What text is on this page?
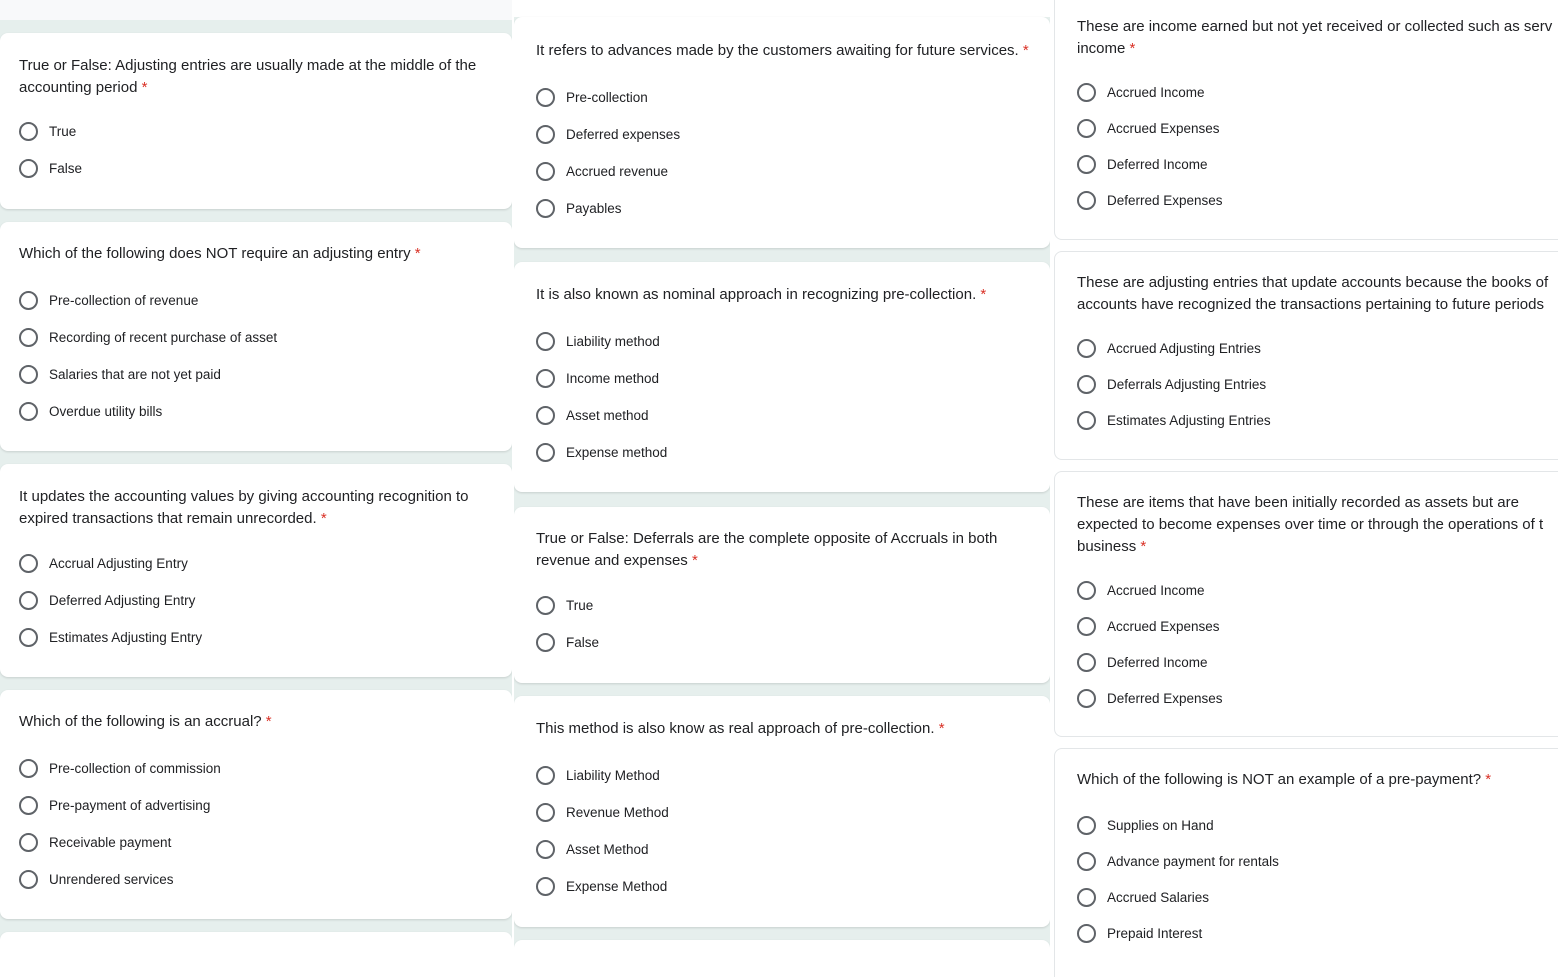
True or False: Adjusting entries are usually made at the middle of the
accounting period *
True
False
Which of the following does NOT require an adjusting entry *
Pre-collection of revenue
Recording of recent purchase of asset
Salaries that are not yet paid
Overdue utility bills
It updates the accounting values by giving accounting recognition to
expired transactions that remain unrecorded. *
Accrual Adjusting Entry
Deferred Adjusting Entry
Estimates Adjusting Entry
Which of the following is an accrual? *
Pre-collection of commission
Pre-payment of advertising
Receivable payment
Unrendered services
It refers to advances made by the customers awaiting for future services. *
Pre-collection
Deferred expenses
Accrued revenue
Payables
It is also known as nominal approach in recognizing pre-collection. *
Liability method
Income method
Asset method
Expense method
True or False: Deferrals are the complete opposite of Accruals in both
revenue and expenses *
True
False
This method is also know as real approach of pre-collection. *
Liability Method
Revenue Method
Asset Method
Expense Method
These are income earned but not yet received or collected such as serv
income *
Accrued Income
Accrued Expenses
Deferred Income
Deferred Expenses
These are adjusting entries that update accounts because the books of
accounts have recognized the transactions pertaining to future periods
Accrued Adjusting Entries
Deferrals Adjusting Entries
Estimates Adjusting Entries
These are items that have been initially recorded as assets but are
expected to become expenses over time or through the operations of t
business *
Accrued Income
Accrued Expenses
Deferred Income
Deferred Expenses
Which of the following is NOT an example of a pre-payment? *
Supplies on Hand
Advance payment for rentals
Accrued Salaries
Prepaid Interest
